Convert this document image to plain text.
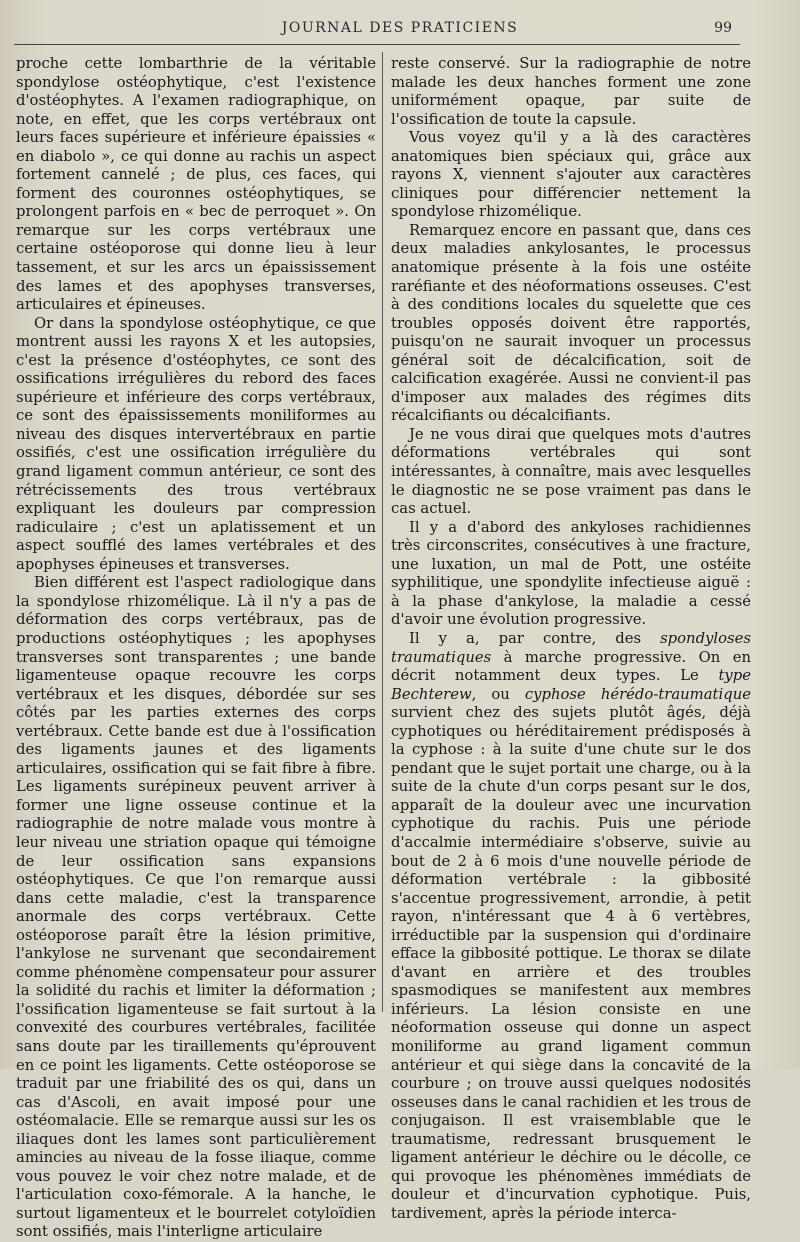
JOURNAL DES PRATICIENS	99

proche cette lombarthrie de la véritable spondylose ostéophytique, c'est l'existence d'ostéophytes. A l'examen radiographique, on note, en effet, que les corps vertébraux ont leurs faces supérieure et inférieure épaissies « en diabolo », ce qui donne au rachis un aspect fortement cannelé ; de plus, ces faces, qui forment des couronnes ostéophytiques, se prolongent parfois en « bec de perroquet ». On remarque sur les corps vertébraux une certaine ostéoporose qui donne lieu à leur tassement, et sur les arcs un épaississement des lames et des apophyses transverses, articulaires et épineuses.

Or dans la spondylose ostéophytique, ce que montrent aussi les rayons X et les autopsies, c'est la présence d'ostéophytes, ce sont des ossifications irrégulières du rebord des faces supérieure et inférieure des corps vertébraux, ce sont des épaississements moniliformes au niveau des disques intervertébraux en partie ossifiés, c'est une ossification irrégulière du grand ligament commun antérieur, ce sont des rétrécissements des trous vertébraux expliquant les douleurs par compression radiculaire ; c'est un aplatissement et un aspect soufflé des lames vertébrales et des apophyses épineuses et transverses.

Bien différent est l'aspect radiologique dans la spondylose rhizomélique. Là il n'y a pas de déformation des corps vertébraux, pas de productions ostéophytiques ; les apophyses transverses sont transparentes ; une bande ligamenteuse opaque recouvre les corps vertébraux et les disques, débordée sur ses côtés par les parties externes des corps vertébraux. Cette bande est due à l'ossification des ligaments jaunes et des ligaments articulaires, ossification qui se fait fibre à fibre. Les ligaments surépineux peuvent arriver à former une ligne osseuse continue et la radiographie de notre malade vous montre à leur niveau une striation opaque qui témoigne de leur ossification sans expansions ostéophytiques. Ce que l'on remarque aussi dans cette maladie, c'est la transparence anormale des corps vertébraux. Cette ostéoporose paraît être la lésion primitive, l'ankylose ne survenant que secondairement comme phénomène compensateur pour assurer la solidité du rachis et limiter la déformation ; l'ossification ligamenteuse se fait surtout à la convexité des courbures vertébrales, facilitée sans doute par les tiraillements qu'éprouvent en ce point les ligaments. Cette ostéoporose se traduit par une friabilité des os qui, dans un cas d'Ascoli, en avait imposé pour une ostéomalacie. Elle se remarque aussi sur les os iliaques dont les lames sont particulièrement amincies au niveau de la fosse iliaque, comme vous pouvez le voir chez notre malade, et de l'articulation coxo-fémorale. A la hanche, le surtout ligamenteux et le bourrelet cotyloïdien sont ossifiés, mais l'interligne articulaire

reste conservé. Sur la radiographie de notre malade les deux hanches forment une zone uniformément opaque, par suite de l'ossification de toute la capsule.

Vous voyez qu'il y a là des caractères anatomiques bien spéciaux qui, grâce aux rayons X, viennent s'ajouter aux caractères cliniques pour différencier nettement la spondylose rhizomélique.

Remarquez encore en passant que, dans ces deux maladies ankylosantes, le processus anatomique présente à la fois une ostéite raréfiante et des néoformations osseuses. C'est à des conditions locales du squelette que ces troubles opposés doivent être rapportés, puisqu'on ne saurait invoquer un processus général soit de décalcification, soit de calcification exagérée. Aussi ne convient-il pas d'imposer aux malades des régimes dits récalcifiants ou décalcifiants.

Je ne vous dirai que quelques mots d'autres déformations vertébrales qui sont intéressantes, à connaître, mais avec lesquelles le diagnostic ne se pose vraiment pas dans le cas actuel.

Il y a d'abord des ankyloses rachidiennes très circonscrites, consécutives à une fracture, une luxation, un mal de Pott, une ostéite syphilitique, une spondylite infectieuse aiguë : à la phase d'ankylose, la maladie a cessé d'avoir une évolution progressive.

Il y a, par contre, des spondyloses traumatiques à marche progressive. On en décrit notamment deux types. Le type Bechterew, ou cyphose hérédo-traumatique survient chez des sujets plutôt âgés, déjà cyphotiques ou héréditairement prédisposés à la cyphose : à la suite d'une chute sur le dos pendant que le sujet portait une charge, ou à la suite de la chute d'un corps pesant sur le dos, apparaît de la douleur avec une incurvation cyphotique du rachis. Puis une période d'accalmie intermédiaire s'observe, suivie au bout de 2 à 6 mois d'une nouvelle période de déformation vertébrale : la gibbosité s'accentue progressivement, arrondie, à petit rayon, n'intéressant que 4 à 6 vertèbres, irréductible par la suspension qui d'ordinaire efface la gibbosité pottique. Le thorax se dilate d'avant en arrière et des troubles spasmodiques se manifestent aux membres inférieurs. La lésion consiste en une néoformation osseuse qui donne un aspect moniliforme au grand ligament commun antérieur et qui siège dans la concavité de la courbure ; on trouve aussi quelques nodosités osseuses dans le canal rachidien et les trous de conjugaison. Il est vraisemblable que le traumatisme, redressant brusquement le ligament antérieur le déchire ou le décolle, ce qui provoque les phénomènes immédiats de douleur et d'incurvation cyphotique. Puis, tardivement, après la période interca-
